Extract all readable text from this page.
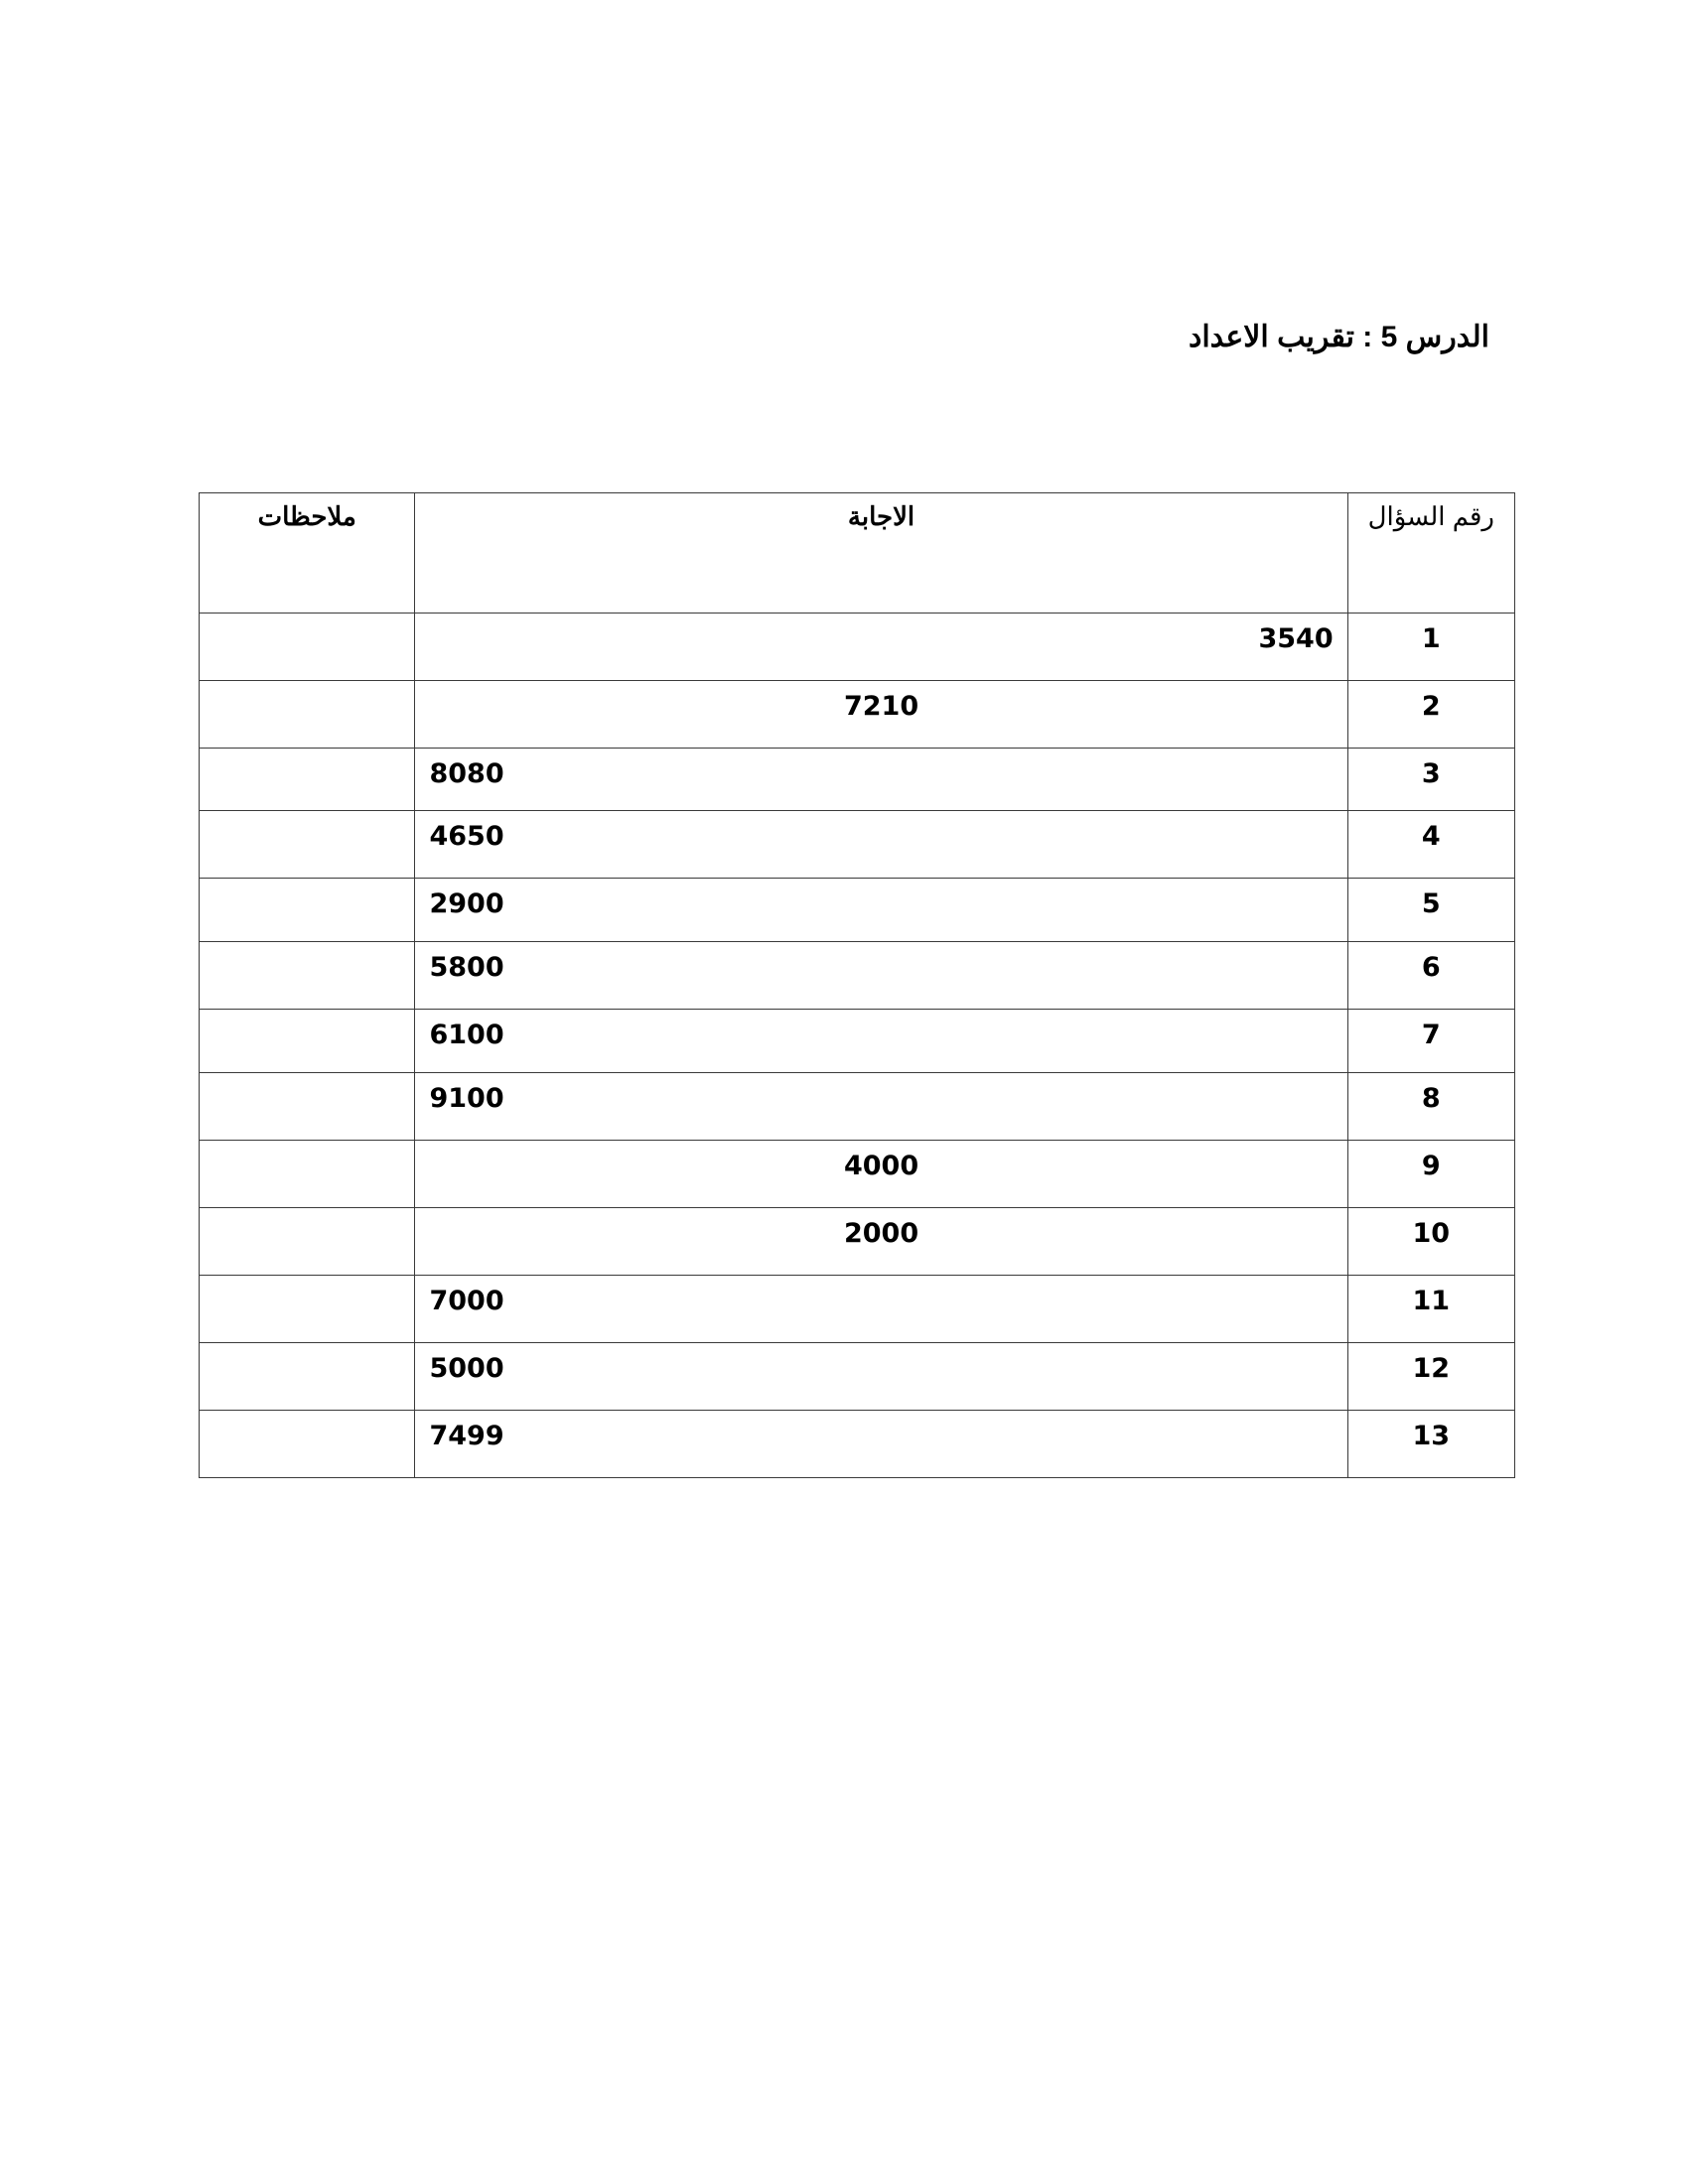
الدرس 5 : تقريب الاعداد
ملاحظات	الاجابة	رقم السؤال

	3540	1

	7210	2

	8080	3

	4650	4

	2900	5

	5800	6

	6100	7

	9100	8

	4000	9

	2000	10

	7000	11

	5000	12

	7499	13
